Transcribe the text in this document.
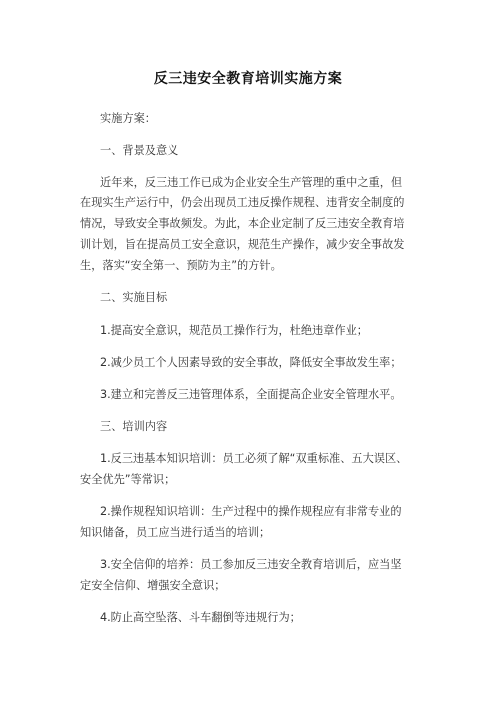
反三违安全教育培训实施方案
实施方案：
一、背景及意义
近年来，反三违工作已成为企业安全生产管理的重中之重，但
在现实生产运行中，仍会出现员工违反操作规程、违背安全制度的
情况，导致安全事故频发。为此，本企业定制了反三违安全教育培
训计划，旨在提高员工安全意识，规范生产操作，减少安全事故发
生，落实“安全第一、预防为主”的方针。
二、实施目标
1.提高安全意识，规范员工操作行为，杜绝违章作业；
2.减少员工个人因素导致的安全事故，降低安全事故发生率；
3.建立和完善反三违管理体系，全面提高企业安全管理水平。
三、培训内容
1.反三违基本知识培训：员工必须了解“双重标准、五大误区、
安全优先”等常识；
2.操作规程知识培训：生产过程中的操作规程应有非常专业的
知识储备，员工应当进行适当的培训；
3.安全信仰的培养：员工参加反三违安全教育培训后，应当坚
定安全信仰、增强安全意识；
4.防止高空坠落、斗车翻倒等违规行为；
